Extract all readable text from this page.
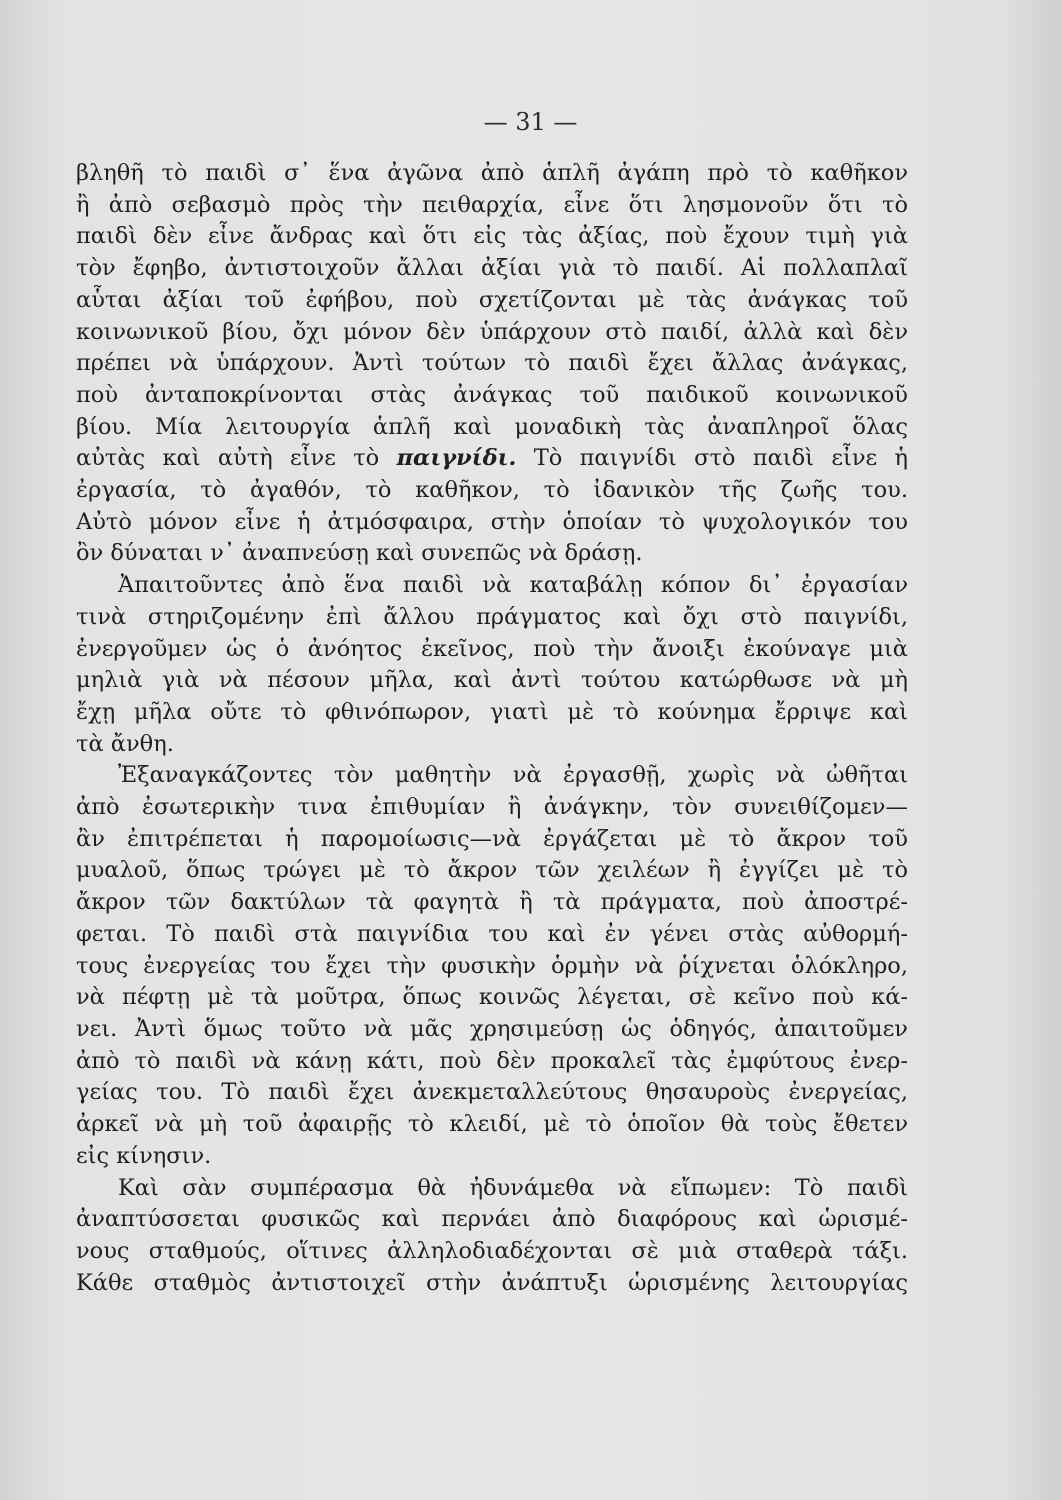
— 31 —
βληθῆ τὸ παιδὶ σ᾽ ἕνα ἀγῶνα ἀπὸ ἁπλῆ ἀγάπη πρὸ τὸ καθῆκον
ἢ ἀπὸ σεβασμὸ πρὸς τὴν πειθαρχία, εἶνε ὅτι λησμονοῦν ὅτι τὸ
παιδὶ δὲν εἶνε ἄνδρας καὶ ὅτι εἰς τὰς ἀξίας, ποὺ ἔχουν τιμὴ γιὰ
τὸν ἔφηβο, ἀντιστοιχοῦν ἄλλαι ἀξίαι γιὰ τὸ παιδί. Αἱ πολλαπλαῖ
αὗται ἀξίαι τοῦ ἐφήβου, ποὺ σχετίζονται μὲ τὰς ἀνάγκας τοῦ
κοινωνικοῦ βίου, ὄχι μόνον δὲν ὑπάρχουν στὸ παιδί, ἀλλὰ καὶ δὲν
πρέπει νὰ ὑπάρχουν. Ἀντὶ τούτων τὸ παιδὶ ἔχει ἄλλας ἀνάγκας,
ποὺ ἀνταποκρίνονται στὰς ἀνάγκας τοῦ παιδικοῦ κοινωνικοῦ
βίου. Μία λειτουργία ἁπλῆ καὶ μοναδικὴ τὰς ἀναπληροῖ ὅλας
αὐτὰς καὶ αὐτὴ εἶνε τὸ παιγνίδι. Τὸ παιγνίδι στὸ παιδὶ εἶνε ἡ
ἐργασία, τὸ ἀγαθόν, τὸ καθῆκον, τὸ ἰδανικὸν τῆς ζωῆς του.
Αὐτὸ μόνον εἶνε ἡ ἀτμόσφαιρα, στὴν ὁποίαν τὸ ψυχολογικόν του
ὂν δύναται ν᾽ ἀναπνεύσῃ καὶ συνεπῶς νὰ δράσῃ.
Ἀπαιτοῦντες ἀπὸ ἕνα παιδὶ νὰ καταβάλῃ κόπον δι᾽ ἐργασίαν
τινὰ στηριζομένην ἐπὶ ἄλλου πράγματος καὶ ὄχι στὸ παιγνίδι,
ἐνεργοῦμεν ὡς ὁ ἀνόητος ἐκεῖνος, ποὺ τὴν ἄνοιξι ἐκούναγε μιὰ
μηλιὰ γιὰ νὰ πέσουν μῆλα, καὶ ἀντὶ τούτου κατώρθωσε νὰ μὴ
ἔχῃ μῆλα οὔτε τὸ φθινόπωρον, γιατὶ μὲ τὸ κούνημα ἔρριψε καὶ
τὰ ἄνθη.
Ἐξαναγκάζοντες τὸν μαθητὴν νὰ ἐργασθῇ, χωρὶς νὰ ὠθῆται
ἀπὸ ἐσωτερικὴν τινα ἐπιθυμίαν ἢ ἀνάγκην, τὸν συνειθίζομεν—
ἂν ἐπιτρέπεται ἡ παρομοίωσις—νὰ ἐργάζεται μὲ τὸ ἄκρον τοῦ
μυαλοῦ, ὅπως τρώγει μὲ τὸ ἄκρον τῶν χειλέων ἢ ἐγγίζει μὲ τὸ
ἄκρον τῶν δακτύλων τὰ φαγητὰ ἢ τὰ πράγματα, ποὺ ἀποστρέ-
φεται. Τὸ παιδὶ στὰ παιγνίδια του καὶ ἐν γένει στὰς αὐθορμή-
τους ἐνεργείας του ἔχει τὴν φυσικὴν ὁρμὴν νὰ ῥίχνεται ὁλόκληρο,
νὰ πέφτῃ μὲ τὰ μοῦτρα, ὅπως κοινῶς λέγεται, σὲ κεῖνο ποὺ κά-
νει. Ἀντὶ ὅμως τοῦτο νὰ μᾶς χρησιμεύσῃ ὡς ὁδηγός, ἀπαιτοῦμεν
ἀπὸ τὸ παιδὶ νὰ κάνῃ κάτι, ποὺ δὲν προκαλεῖ τὰς ἐμφύτους ἐνερ-
γείας του. Τὸ παιδὶ ἔχει ἀνεκμεταλλεύτους θησαυροὺς ἐνεργείας,
ἀρκεῖ νὰ μὴ τοῦ ἀφαιρῇς τὸ κλειδί, μὲ τὸ ὁποῖον θὰ τοὺς ἔθετεν
εἰς κίνησιν.
Καὶ σὰν συμπέρασμα θὰ ἠδυνάμεθα νὰ εἴπωμεν: Τὸ παιδὶ
ἀναπτύσσεται φυσικῶς καὶ περνάει ἀπὸ διαφόρους καὶ ὡρισμέ-
νους σταθμούς, οἵτινες ἀλληλοδιαδέχονται σὲ μιὰ σταθερὰ τάξι.
Κάθε σταθμὸς ἀντιστοιχεῖ στὴν ἀνάπτυξι ὡρισμένης λειτουργίας
